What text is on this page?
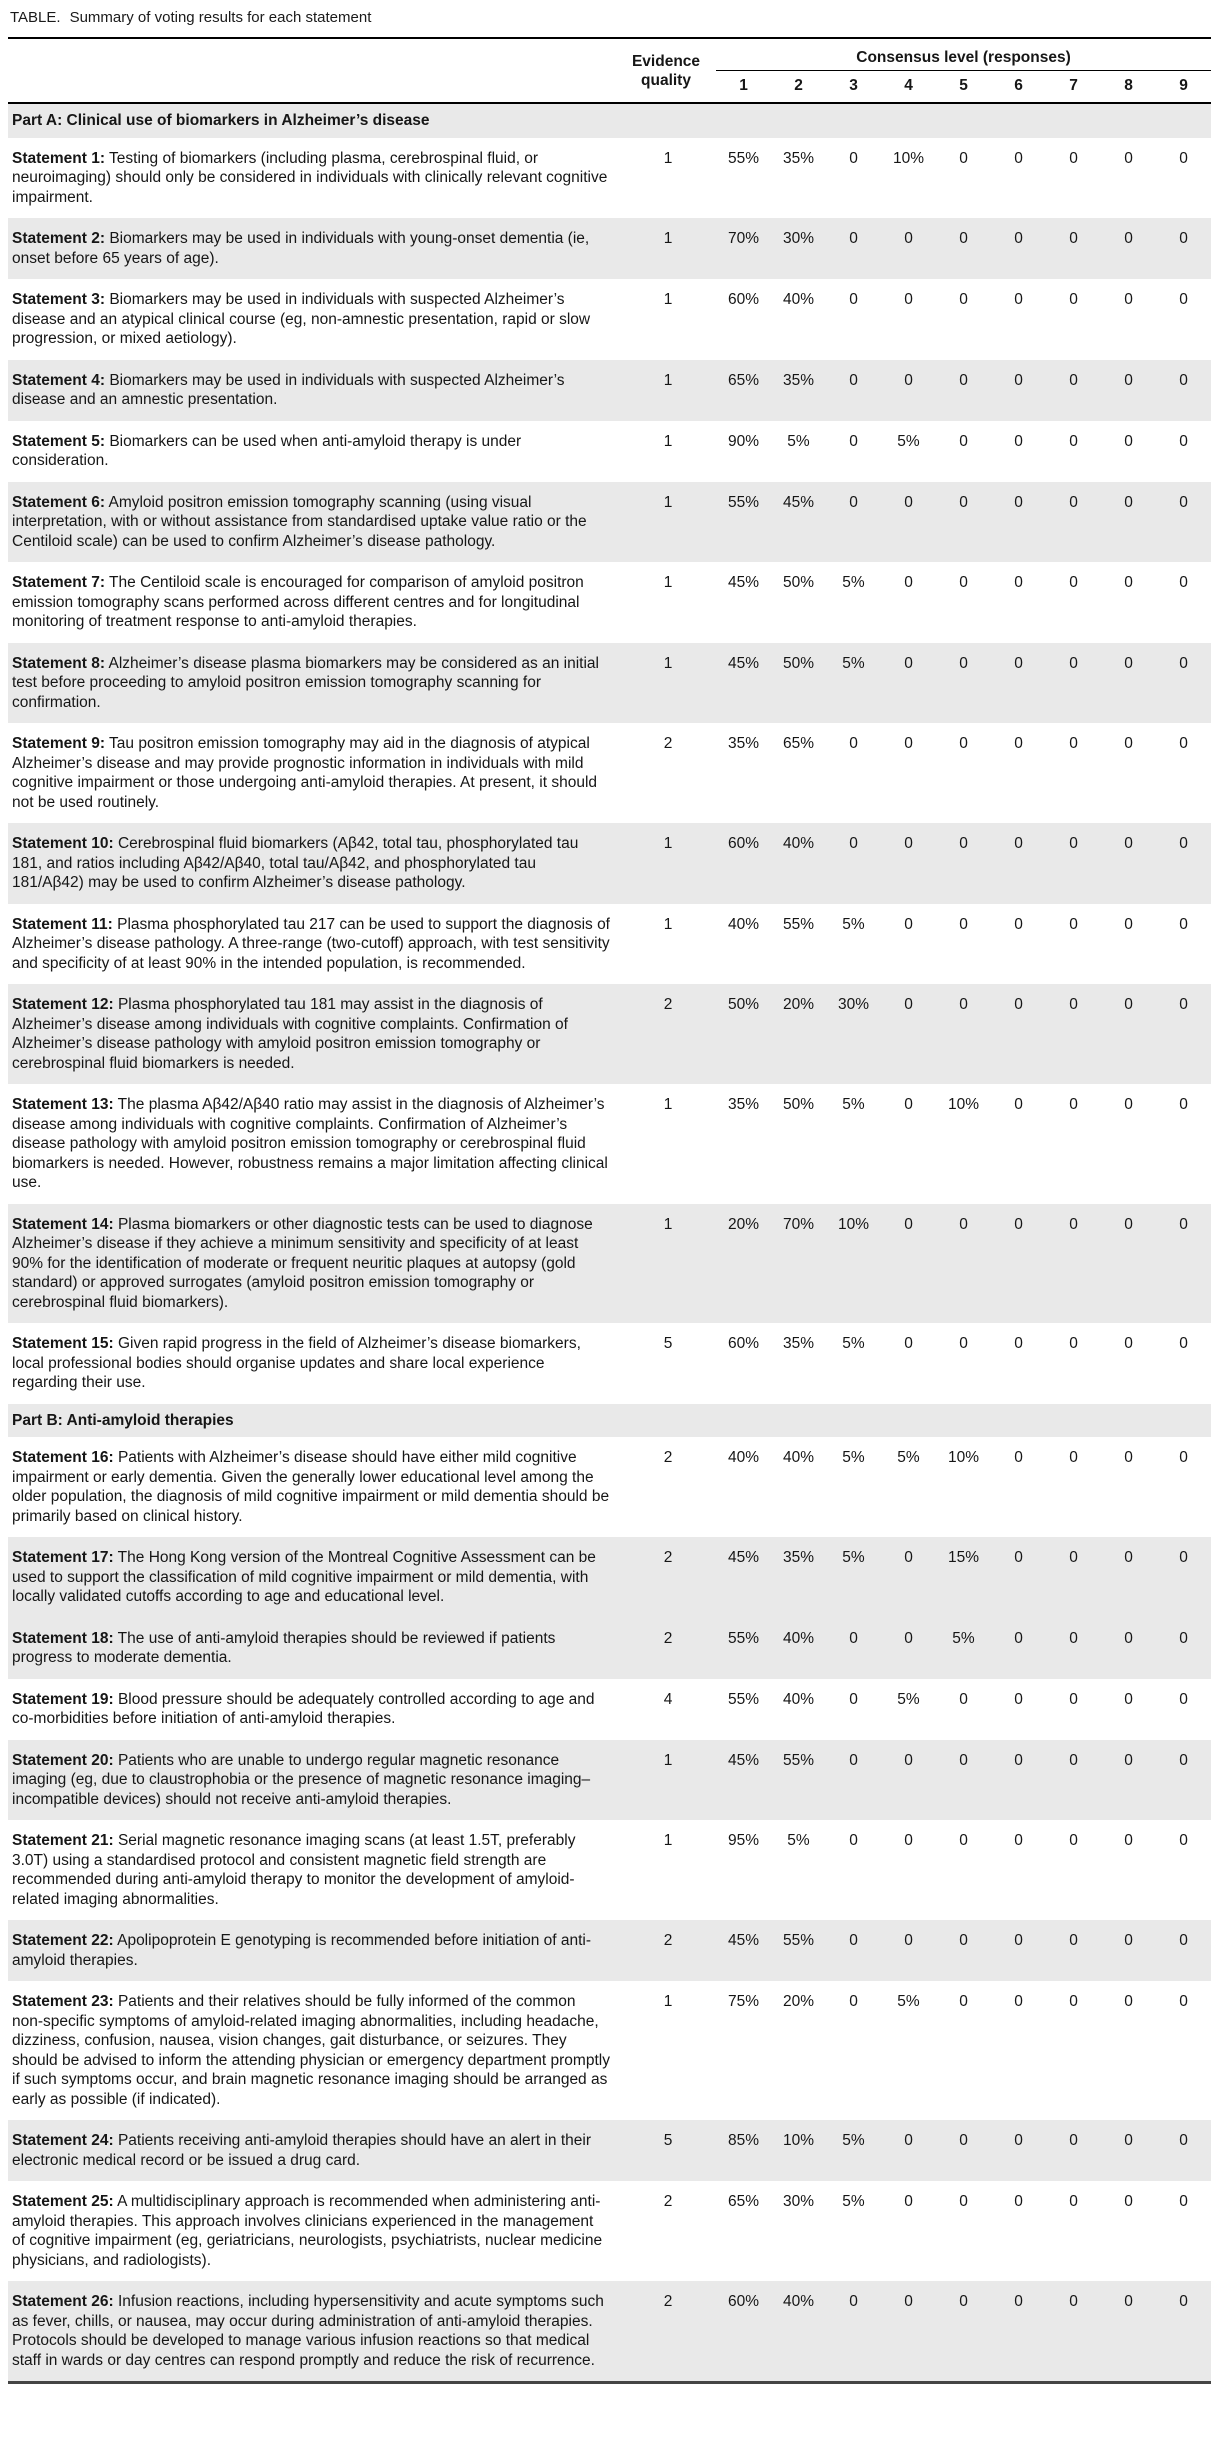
TABLE. Summary of voting results for each statement
	Evidence quality	Consensus level (responses)								
		1	2	3	4	5	6	7	8	9
Part A: Clinical use of biomarkers in Alzheimer’s disease										
Statement 1: Testing of biomarkers (including plasma, cerebrospinal fluid, or neuroimaging) should only be considered in individuals with clinically relevant cognitive impairment.	1	55%	35%	0	10%	0	0	0	0	0
Statement 2: Biomarkers may be used in individuals with young-onset dementia (ie, onset before 65 years of age).	1	70%	30%	0	0	0	0	0	0	0
Statement 3: Biomarkers may be used in individuals with suspected Alzheimer’s disease and an atypical clinical course (eg, non-amnestic presentation, rapid or slow progression, or mixed aetiology).	1	60%	40%	0	0	0	0	0	0	0
Statement 4: Biomarkers may be used in individuals with suspected Alzheimer’s disease and an amnestic presentation.	1	65%	35%	0	0	0	0	0	0	0
Statement 5: Biomarkers can be used when anti-amyloid therapy is under consideration.	1	90%	5%	0	5%	0	0	0	0	0
Statement 6: Amyloid positron emission tomography scanning (using visual interpretation, with or without assistance from standardised uptake value ratio or the Centiloid scale) can be used to confirm Alzheimer’s disease pathology.	1	55%	45%	0	0	0	0	0	0	0
Statement 7: The Centiloid scale is encouraged for comparison of amyloid positron emission tomography scans performed across different centres and for longitudinal monitoring of treatment response to anti-amyloid therapies.	1	45%	50%	5%	0	0	0	0	0	0
Statement 8: Alzheimer’s disease plasma biomarkers may be considered as an initial test before proceeding to amyloid positron emission tomography scanning for confirmation.	1	45%	50%	5%	0	0	0	0	0	0
Statement 9: Tau positron emission tomography may aid in the diagnosis of atypical Alzheimer’s disease and may provide prognostic information in individuals with mild cognitive impairment or those undergoing anti-amyloid therapies. At present, it should not be used routinely.	2	35%	65%	0	0	0	0	0	0	0
Statement 10: Cerebrospinal fluid biomarkers (Aβ42, total tau, phosphorylated tau 181, and ratios including Aβ42/Aβ40, total tau/Aβ42, and phosphorylated tau 181/Aβ42) may be used to confirm Alzheimer’s disease pathology.	1	60%	40%	0	0	0	0	0	0	0
Statement 11: Plasma phosphorylated tau 217 can be used to support the diagnosis of Alzheimer’s disease pathology. A three-range (two-cutoff) approach, with test sensitivity and specificity of at least 90% in the intended population, is recommended.	1	40%	55%	5%	0	0	0	0	0	0
Statement 12: Plasma phosphorylated tau 181 may assist in the diagnosis of Alzheimer’s disease among individuals with cognitive complaints. Confirmation of Alzheimer’s disease pathology with amyloid positron emission tomography or cerebrospinal fluid biomarkers is needed.	2	50%	20%	30%	0	0	0	0	0	0
Statement 13: The plasma Aβ42/Aβ40 ratio may assist in the diagnosis of Alzheimer’s disease among individuals with cognitive complaints. Confirmation of Alzheimer’s disease pathology with amyloid positron emission tomography or cerebrospinal fluid biomarkers is needed. However, robustness remains a major limitation affecting clinical use.	1	35%	50%	5%	0	10%	0	0	0	0
Statement 14: Plasma biomarkers or other diagnostic tests can be used to diagnose Alzheimer’s disease if they achieve a minimum sensitivity and specificity of at least 90% for the identification of moderate or frequent neuritic plaques at autopsy (gold standard) or approved surrogates (amyloid positron emission tomography or cerebrospinal fluid biomarkers).	1	20%	70%	10%	0	0	0	0	0	0
Statement 15: Given rapid progress in the field of Alzheimer’s disease biomarkers, local professional bodies should organise updates and share local experience regarding their use.	5	60%	35%	5%	0	0	0	0	0	0
Part B: Anti-amyloid therapies										
Statement 16: Patients with Alzheimer’s disease should have either mild cognitive impairment or early dementia. Given the generally lower educational level among the older population, the diagnosis of mild cognitive impairment or mild dementia should be primarily based on clinical history.	2	40%	40%	5%	5%	10%	0	0	0	0
Statement 17: The Hong Kong version of the Montreal Cognitive Assessment can be used to support the classification of mild cognitive impairment or mild dementia, with locally validated cutoffs according to age and educational level.	2	45%	35%	5%	0	15%	0	0	0	0
Statement 18: The use of anti-amyloid therapies should be reviewed if patients progress to moderate dementia.	2	55%	40%	0	0	5%	0	0	0	0
Statement 19: Blood pressure should be adequately controlled according to age and co-morbidities before initiation of anti-amyloid therapies.	4	55%	40%	0	5%	0	0	0	0	0
Statement 20: Patients who are unable to undergo regular magnetic resonance imaging (eg, due to claustrophobia or the presence of magnetic resonance imaging–incompatible devices) should not receive anti-amyloid therapies.	1	45%	55%	0	0	0	0	0	0	0
Statement 21: Serial magnetic resonance imaging scans (at least 1.5T, preferably 3.0T) using a standardised protocol and consistent magnetic field strength are recommended during anti-amyloid therapy to monitor the development of amyloid-related imaging abnormalities.	1	95%	5%	0	0	0	0	0	0	0
Statement 22: Apolipoprotein E genotyping is recommended before initiation of anti-amyloid therapies.	2	45%	55%	0	0	0	0	0	0	0
Statement 23: Patients and their relatives should be fully informed of the common non-specific symptoms of amyloid-related imaging abnormalities, including headache, dizziness, confusion, nausea, vision changes, gait disturbance, or seizures. They should be advised to inform the attending physician or emergency department promptly if such symptoms occur, and brain magnetic resonance imaging should be arranged as early as possible (if indicated).	1	75%	20%	0	5%	0	0	0	0	0
Statement 24: Patients receiving anti-amyloid therapies should have an alert in their electronic medical record or be issued a drug card.	5	85%	10%	5%	0	0	0	0	0	0
Statement 25: A multidisciplinary approach is recommended when administering anti-amyloid therapies. This approach involves clinicians experienced in the management of cognitive impairment (eg, geriatricians, neurologists, psychiatrists, nuclear medicine physicians, and radiologists).	2	65%	30%	5%	0	0	0	0	0	0
Statement 26: Infusion reactions, including hypersensitivity and acute symptoms such as fever, chills, or nausea, may occur during administration of anti-amyloid therapies. Protocols should be developed to manage various infusion reactions so that medical staff in wards or day centres can respond promptly and reduce the risk of recurrence.	2	60%	40%	0	0	0	0	0	0	0
